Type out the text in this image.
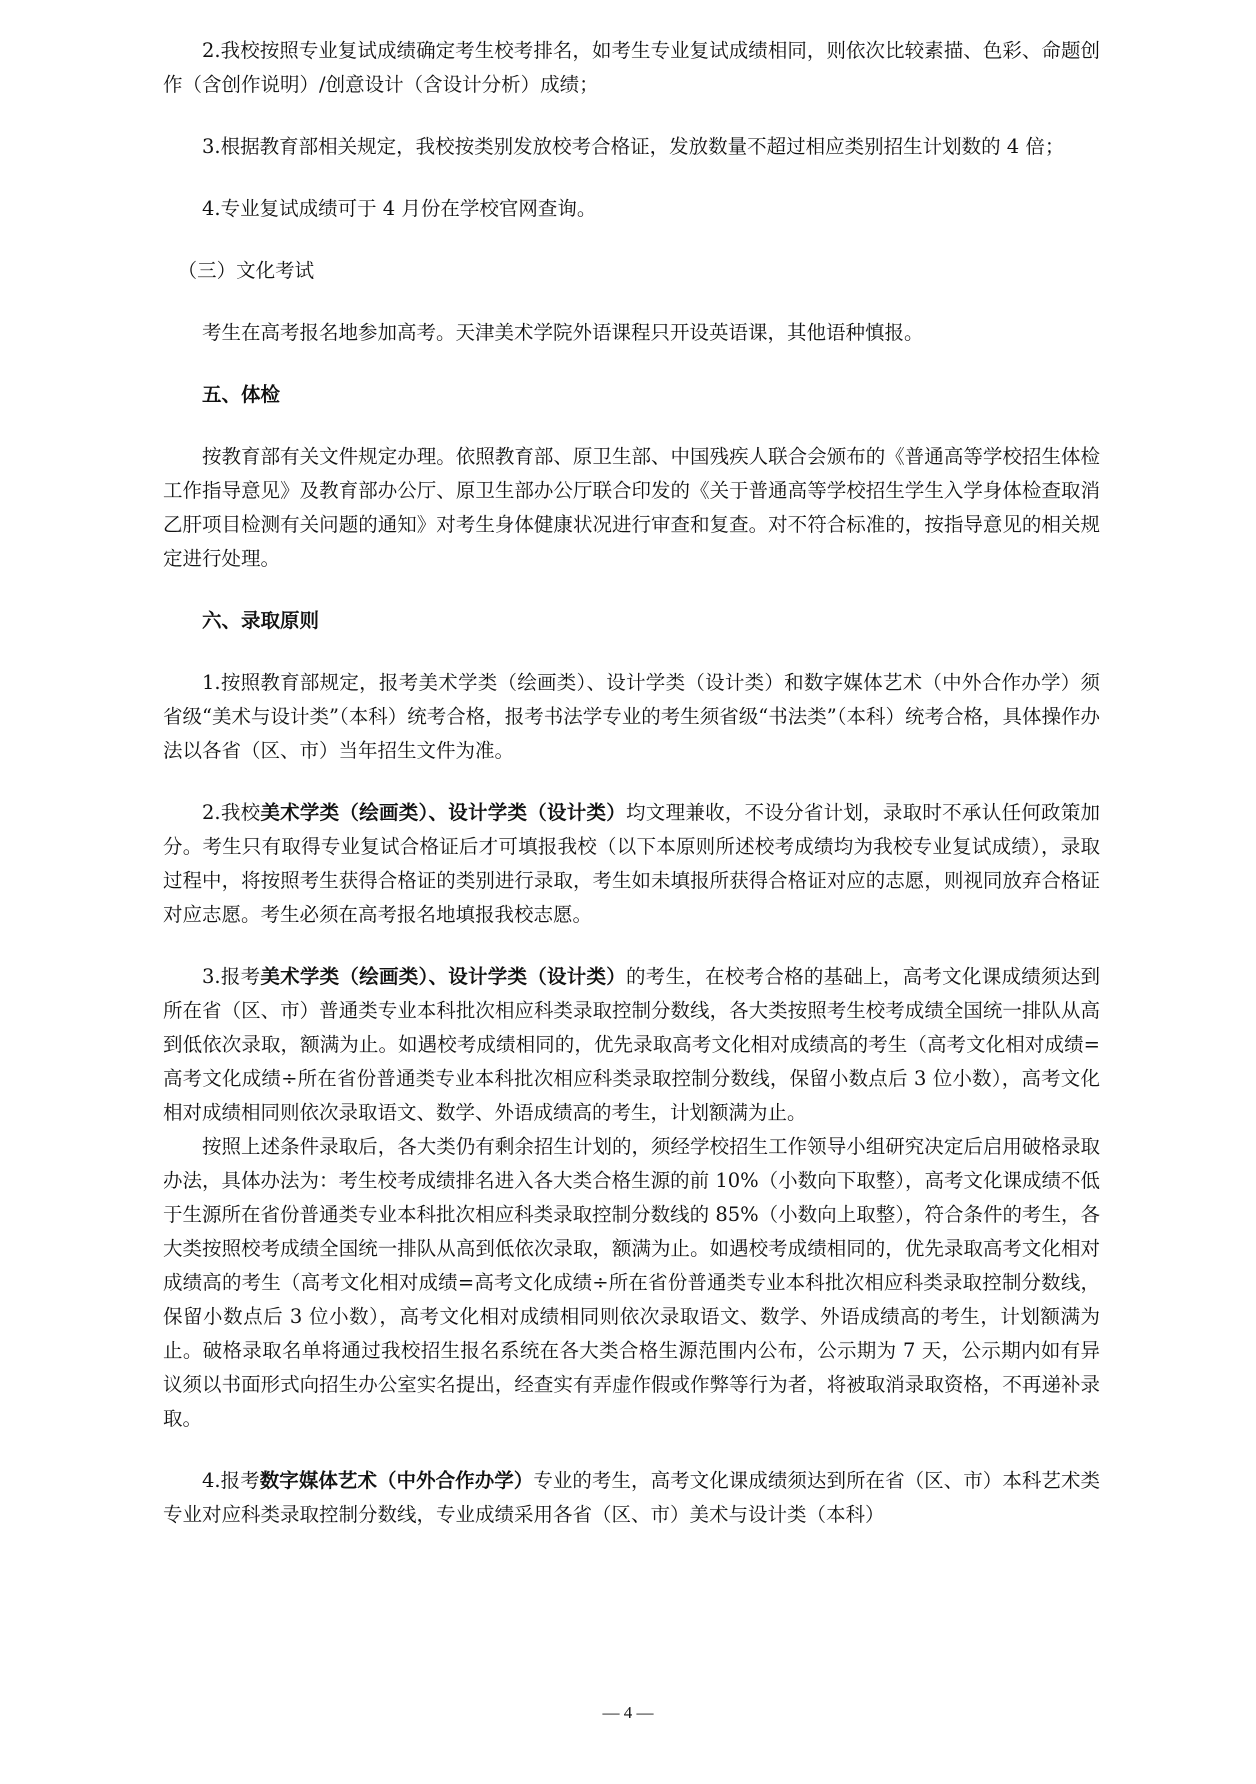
2.我校按照专业复试成绩确定考生校考排名，如考生专业复试成绩相同，则依次比较素描、色彩、命题创作（含创作说明）/创意设计（含设计分析）成绩；

3.根据教育部相关规定，我校按类别发放校考合格证，发放数量不超过相应类别招生计划数的 4 倍；

4.专业复试成绩可于 4 月份在学校官网查询。

（三）文化考试

考生在高考报名地参加高考。天津美术学院外语课程只开设英语课，其他语种慎报。

五、体检

按教育部有关文件规定办理。依照教育部、原卫生部、中国残疾人联合会颁布的《普通高等学校招生体检工作指导意见》及教育部办公厅、原卫生部办公厅联合印发的《关于普通高等学校招生学生入学身体检查取消乙肝项目检测有关问题的通知》对考生身体健康状况进行审查和复查。对不符合标准的，按指导意见的相关规定进行处理。

六、录取原则

1.按照教育部规定，报考美术学类（绘画类）、设计学类（设计类）和数字媒体艺术（中外合作办学）须省级“美术与设计类”（本科）统考合格，报考书法学专业的考生须省级“书法类”（本科）统考合格，具体操作办法以各省（区、市）当年招生文件为准。

2.我校美术学类（绘画类）、设计学类（设计类）均文理兼收，不设分省计划，录取时不承认任何政策加分。考生只有取得专业复试合格证后才可填报我校（以下本原则所述校考成绩均为我校专业复试成绩），录取过程中，将按照考生获得合格证的类别进行录取，考生如未填报所获得合格证对应的志愿，则视同放弃合格证对应志愿。考生必须在高考报名地填报我校志愿。

3.报考美术学类（绘画类）、设计学类（设计类）的考生，在校考合格的基础上，高考文化课成绩须达到所在省（区、市）普通类专业本科批次相应科类录取控制分数线，各大类按照考生校考成绩全国统一排队从高到低依次录取，额满为止。如遇校考成绩相同的，优先录取高考文化相对成绩高的考生（高考文化相对成绩=高考文化成绩÷所在省份普通类专业本科批次相应科类录取控制分数线，保留小数点后 3 位小数），高考文化相对成绩相同则依次录取语文、数学、外语成绩高的考生，计划额满为止。

按照上述条件录取后，各大类仍有剩余招生计划的，须经学校招生工作领导小组研究决定后启用破格录取办法，具体办法为：考生校考成绩排名进入各大类合格生源的前 10%（小数向下取整），高考文化课成绩不低于生源所在省份普通类专业本科批次相应科类录取控制分数线的 85%（小数向上取整），符合条件的考生，各大类按照校考成绩全国统一排队从高到低依次录取，额满为止。如遇校考成绩相同的，优先录取高考文化相对成绩高的考生（高考文化相对成绩=高考文化成绩÷所在省份普通类专业本科批次相应科类录取控制分数线，保留小数点后 3 位小数），高考文化相对成绩相同则依次录取语文、数学、外语成绩高的考生，计划额满为止。破格录取名单将通过我校招生报名系统在各大类合格生源范围内公布，公示期为 7 天，公示期内如有异议须以书面形式向招生办公室实名提出，经查实有弄虚作假或作弊等行为者，将被取消录取资格，不再递补录取。

4.报考数字媒体艺术（中外合作办学）专业的考生，高考文化课成绩须达到所在省（区、市）本科艺术类专业对应科类录取控制分数线，专业成绩采用各省（区、市）美术与设计类（本科）

— 4 —
